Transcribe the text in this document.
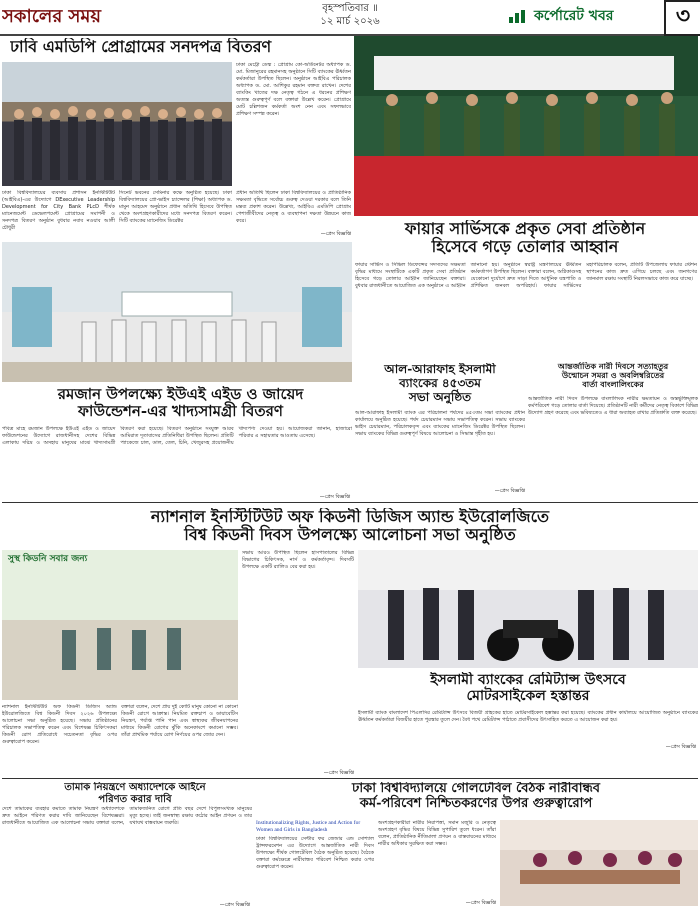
সকালের সময়	বৃহস্পতিবার ॥
১২ মার্চ ২০২৬	কর্পোরেট খবর	৩
ঢাবি এমডিপি প্রোগ্রামের সনদপত্র বিতরণ
ঢাকা মেট্রো ডেস্ক : প্রোগ্রাম কো-অর্ডিনেটর অধ্যাপক ড. মো. মিজানুরের রহমানসহ অনুষ্ঠানে সিটি ব্যাংকের ঊর্ধ্বতন কর্মকর্তারা উপস্থিত ছিলেন। অনুষ্ঠানে আইবিএ পরিচালক অধ্যাপক ড. মো. আশিকুর রহমান বক্তব্য রাখেন। দেশের ব্যাংকিং খাতের দক্ষ নেতৃত্ব গঠনে এ ধরনের প্রশিক্ষণ অত্যন্ত গুরুত্বপূর্ণ বলে বক্তারা উল্লেখ করেন। প্রোগ্রামে মোট চল্লিশজন কর্মকর্তা অংশ নেন এবং সফলভাবে প্রশিক্ষণ সম্পন্ন করেন।
ঢাকা বিশ্ববিদ্যালয়ের ব্যবসায় প্রশাসন ইনস্টিটিউট (আইবিএ)-এর উদ্যোগে DExecutive Leadership Development for City Bank PLcD শীর্ষক ম্যানেজমেন্ট ডেভেলপমেন্ট প্রোগ্রামের সমাপনী ও সনদপত্র বিতরণ অনুষ্ঠান বুধবার নবাব নওয়াব আলী চৌধুরী
সিনেট ভবনের সেমিনার কক্ষে অনুষ্ঠিত হয়েছে। ঢাকা বিশ্ববিদ্যালয়ের প্রো-ভাইস চ্যান্সেলর (শিক্ষা) অধ্যাপক ড. মামুন আহমেদ অনুষ্ঠানে প্রধান অতিথি হিসেবে উপস্থিত থেকে অংশগ্রহণকারীদের মধ্যে সনদপত্র বিতরণ করেন। সিটি ব্যাংকের ম্যানেজিং ডিরেক্টর
প্রধান অতিথি ছিলেন ঢাকা বিশ্ববিদ্যালয়ের ও প্রাতিষ্ঠানিক সক্ষমতা বৃদ্ধিতে সর্বোচ্চ গুরুত্ব দেওয়া দরকার বলে তিনি মন্তব্য প্রকাশ করেন। উল্লেখ্য, আইবিএ এমডিপি প্রোগ্রাম পেশাজীবীদের নেতৃত্ব ও ব্যবস্থাপনা দক্ষতা উন্নয়নে কাজ করে।
—প্রেস বিজ্ঞপ্তি	ফায়ার সার্ভিসকে প্রকৃত সেবা প্রতিষ্ঠান
হিসেবে গড়ে তোলার আহ্বান
ফায়ার সার্ভিস ও সিভিল ডিফেন্সের সদস্যদের সক্ষমতা বৃদ্ধির মাধ্যমে সংস্থাটিকে একটি প্রকৃত সেবা প্রতিষ্ঠান হিসেবে গড়ে তোলার আহ্বান জানিয়েছেন বক্তারা। বুধবার রাজধানীতে আয়োজিত এক অনুষ্ঠানে এ আহ্বান জানানো হয়। অনুষ্ঠানে স্বরাষ্ট্র মন্ত্রণালয়ের ঊর্ধ্বতন কর্মকর্তাগণ উপস্থিত ছিলেন। বক্তারা বলেন, অগ্নিকাণ্ডসহ যেকোনো দুর্যোগে দ্রুত সাড়া দিতে আধুনিক যন্ত্রপাতি ও প্রশিক্ষিত জনবল অপরিহার্য। ফায়ার সার্ভিসের মহাপরিচালক বলেন, প্রতিটি উপজেলায় ফায়ার স্টেশন স্থাপনের কাজ দ্রুত এগিয়ে চলছে এবং জনগণের জানমাল রক্ষায় সংস্থাটি নিরলসভাবে কাজ করে যাচ্ছে।
আল-আরাফাহ ইসলামী
ব্যাংকের ৪৫৩তম
সভা অনুষ্ঠিত
আল-আরাফাহ ইসলামী ব্যাংক এর পরিচালনা পর্ষদের ৪৫৩তম সভা ব্যাংকের প্রধান কার্যালয়ে অনুষ্ঠিত হয়েছে। পর্ষদ চেয়ারম্যান সভায় সভাপতিত্ব করেন। সভায় ব্যাংকের ভাইস চেয়ারম্যান, পরিচালকবৃন্দ এবং ব্যাংকের ম্যানেজিং ডিরেক্টর উপস্থিত ছিলেন। সভায় ব্যাংকের বিভিন্ন গুরুত্বপূর্ণ বিষয়ে আলোচনা ও সিদ্ধান্ত গৃহীত হয়।
—প্রেস বিজ্ঞপ্তি
আন্তর্জাতিক নারী দিবসে সত্যাহতুর
উন্মোচন সমরা ও অবলিম্বরিতের
বার্তা বাংলালিংকের
আন্তর্জাতিক নারী দিবস উপলক্ষে বাংলালিংক নারীর ক্ষমতায়ন ও অন্তর্ভুক্তিমূলক কর্মপরিবেশ গড়ে তোলার বার্তা দিয়েছে। প্রতিষ্ঠানটি নারী কর্মীদের নেতৃত্ব বিকাশে বিভিন্ন উদ্যোগ গ্রহণ করেছে এবং ভবিষ্যতেও এ ধারা অব্যাহত রাখার প্রতিশ্রুতি ব্যক্ত করেছে।
রমজান উপলক্ষ্যে ইউএই এইড ও জায়েদ
ফাউন্ডেশন-এর খাদ্যসামগ্রী বিতরণ
পবিত্র মাহে রমজান উপলক্ষে ইউএই এইড ও জায়েদ ফাউন্ডেশনের উদ্যোগে রাজধানীসহ দেশের বিভিন্ন এলাকায় দরিদ্র ও অসহায় মানুষের মাঝে খাদ্যসামগ্রী বিতরণ করা হয়েছে। বিতরণ অনুষ্ঠানে সংযুক্ত আরব আমিরাত দূতাবাসের প্রতিনিধিরা উপস্থিত ছিলেন। প্রতিটি প্যাকেজে চাল, ডাল, তেল, চিনি, খেজুরসহ প্রয়োজনীয় খাদ্যপণ্য দেওয়া হয়। আয়োজকরা জানান, হাজারো পরিবার এ সহায়তার আওতায় এসেছে।
—প্রেস বিজ্ঞপ্তি
ন্যাশনাল ইনস্টিটিউট অফ কিডনী ডিজিস অ্যান্ড ইউরোলজিতে
বিশ্ব কিডনী দিবস উপলক্ষ্যে আলোচনা সভা অনুষ্ঠিত
সুস্থ কিডনি সবার জন্য
ন্যাশনাল ইনস্টিটিউট অফ কিডনী ডিজিস অ্যান্ড ইউরোলজিতে বিশ্ব কিডনী দিবস ২০২৬ উপলক্ষ্যে আলোচনা সভা অনুষ্ঠিত হয়েছে। সভায় প্রতিষ্ঠানের পরিচালক সভাপতিত্ব করেন এবং বিশেষজ্ঞ চিকিৎসকরা কিডনী রোগ প্রতিরোধে সচেতনতা বৃদ্ধির ওপর গুরুত্বারোপ করেন।
বক্তারা বলেন, দেশে প্রায় দুই কোটি মানুষ কোনো না কোনো কিডনী রোগে আক্রান্ত। নিয়মিত রক্তচাপ ও ডায়াবেটিস নিয়ন্ত্রণ, পর্যাপ্ত পানি পান এবং স্বাস্থ্যকর জীবনযাপনের মাধ্যমে কিডনী রোগের ঝুঁকি অনেকাংশে কমানো সম্ভব। তাঁরা প্রাথমিক পর্যায়ে রোগ নির্ণয়ের ওপর জোর দেন।
সভায় আরও উপস্থিত ছিলেন হাসপাতালের বিভিন্ন বিভাগের চিকিৎসক, নার্স ও কর্মকর্তাবৃন্দ। দিবসটি উপলক্ষে একটি র‌্যালিও বের করা হয়।
—প্রেস বিজ্ঞপ্তি
ইসলামী ব্যাংকের রেমিট্যান্স উৎসবে
মোটরসাইকেল হস্তান্তর
ইসলামী ব্যাংক বাংলাদেশ পিএলসির রেমিট্যান্স উৎসবে বিজয়ী গ্রাহকের হাতে মোটরসাইকেল হস্তান্তর করা হয়েছে। ব্যাংকের প্রধান কার্যালয়ে আয়োজিত অনুষ্ঠানে ব্যাংকের ঊর্ধ্বতন কর্মকর্তারা বিজয়ীর হাতে পুরস্কার তুলে দেন। বৈধ পথে রেমিট্যান্স পাঠাতে প্রবাসীদের উৎসাহিত করতে এ আয়োজন করা হয়।
—প্রেস বিজ্ঞপ্তি
তামাক নিয়ন্ত্রণে অধ্যাদেশকে আইনে
পরিণত করার দাবি
দেশে তামাকের ব্যবহার কমাতে তামাক নিয়ন্ত্রণ অধ্যাদেশকে দ্রুত আইনে পরিণত করার দাবি জানিয়েছেন বিশেষজ্ঞরা। রাজধানীতে আয়োজিত এক আলোচনা সভায় বক্তারা বলেন, তামাকজনিত রোগে প্রতি বছর দেশে বিপুলসংখ্যক মানুষের মৃত্যু হচ্ছে। তাই জনস্বাস্থ্য রক্ষায় কঠোর আইন প্রণয়ন ও তার যথাযথ বাস্তবায়ন জরুরি।
—প্রেস বিজ্ঞপ্তি
ঢাকা বিশ্ববিদ্যালয়ে গোলটেবিল বৈঠক নারীবান্ধব
কর্ম-পরিবেশ নিশ্চিতকরণের উপর গুরুত্বারোপ
Institutionalizing Rights, Justice and Action for Women and Girls in Bangladesh
ঢাকা বিশ্ববিদ্যালয়ের সেন্টার ফর জেন্ডার এন্ড সোশ্যাল ট্রান্সফরমেশন এর উদ্যোগে আন্তর্জাতিক নারী দিবস উপলক্ষ্যে শীর্ষক গোলটেবিল বৈঠক অনুষ্ঠিত হয়েছে। বৈঠকে বক্তারা কর্মক্ষেত্রে নারীবান্ধব পরিবেশ নিশ্চিত করার ওপর গুরুত্বারোপ করেন।
অংশগ্রহণকারীরা নারীর নিরাপত্তা, সমান মজুরি ও নেতৃত্বে অংশগ্রহণ বৃদ্ধির বিষয়ে বিভিন্ন সুপারিশ তুলে ধরেন। তাঁরা বলেন, প্রাতিষ্ঠানিক নীতিমালা প্রণয়ন ও বাস্তবায়নের মাধ্যমে নারীর অধিকার সুরক্ষিত করা সম্ভব।
—প্রেস বিজ্ঞপ্তি
